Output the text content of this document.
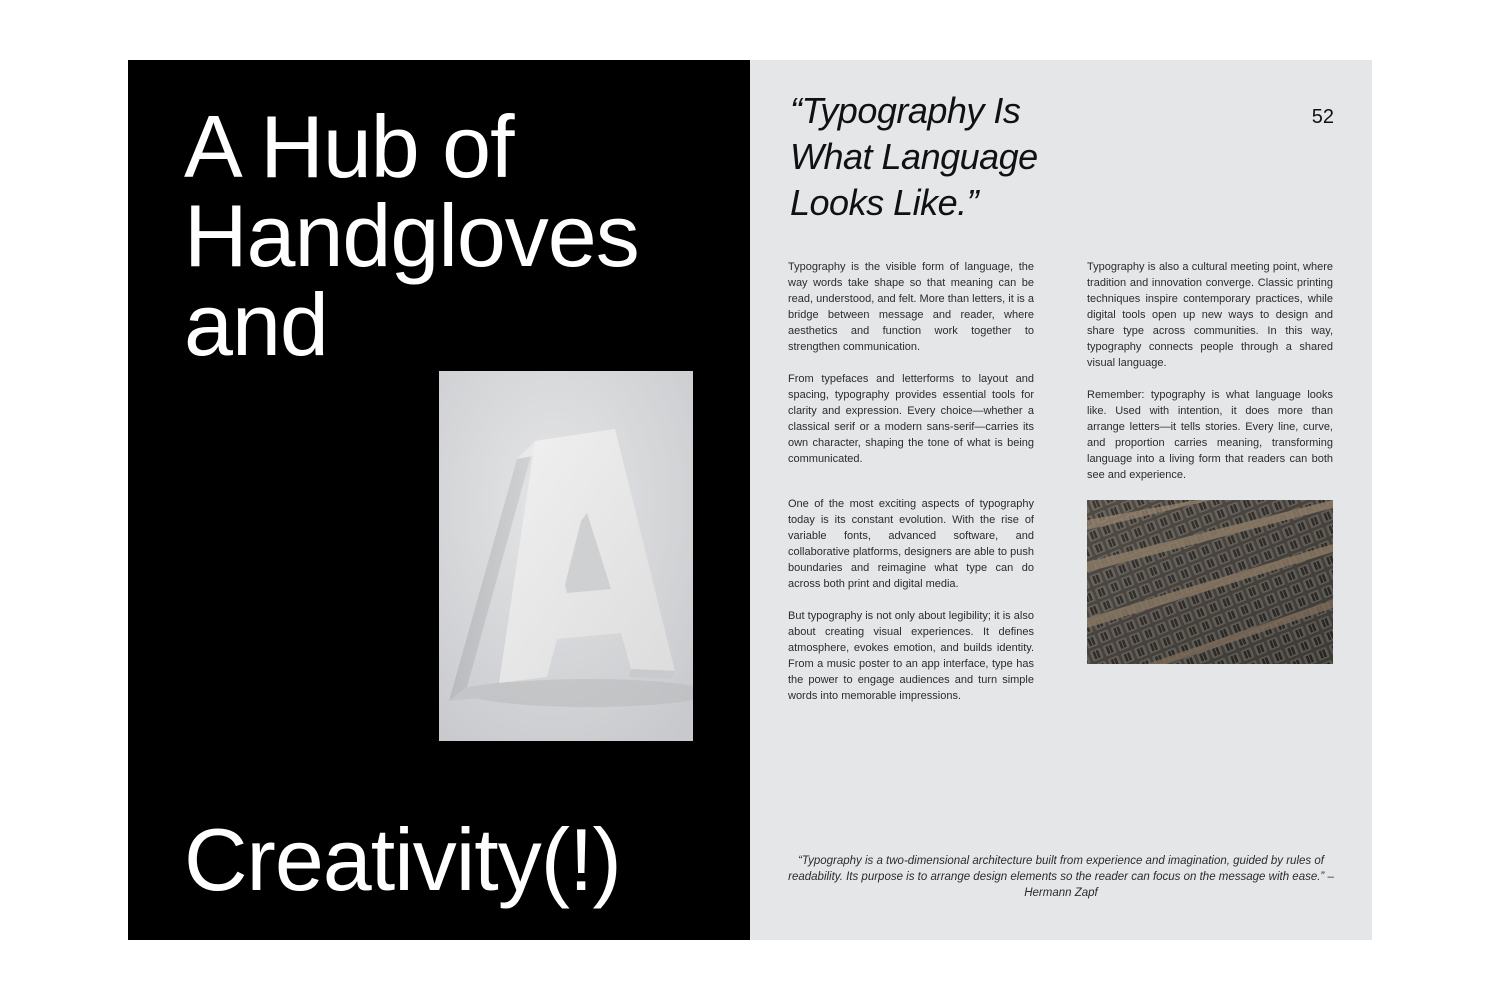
A Hub of
Handgloves
and
Creativity(!)
“Typography Is
What Language
Looks Like.”
52

Typography is the visible form of language, the way words take shape so that meaning can be read, understood, and felt. More than letters, it is a bridge between message and reader, where aesthetics and function work together to strengthen communication.

From typefaces and letterforms to layout and spacing, typography provides essential tools for clarity and expression. Every choice—whether a classical serif or a modern sans-serif—carries its own character, shaping the tone of what is being communicated.

One of the most exciting aspects of typography today is its constant evolution. With the rise of variable fonts, advanced software, and collaborative platforms, designers are able to push boundaries and reimagine what type can do across both print and digital media.

But typography is not only about legibility; it is also about creating visual experiences. It defines atmosphere, evokes emotion, and builds identity. From a music poster to an app interface, type has the power to engage audiences and turn simple words into memorable impressions.

Typography is also a cultural meeting point, where tradition and innovation converge. Classic printing techniques inspire contemporary practices, while digital tools open up new ways to design and share type across communities. In this way, typography connects people through a shared visual language.

Remember: typography is what language looks like. Used with intention, it does more than arrange letters—it tells stories. Every line, curve, and proportion carries meaning, transforming language into a living form that readers can both see and experience.

“Typography is a two-dimensional architecture built from experience and imagination, guided by rules of readability. Its purpose is to arrange design elements so the reader can focus on the message with ease.” – Hermann Zapf
